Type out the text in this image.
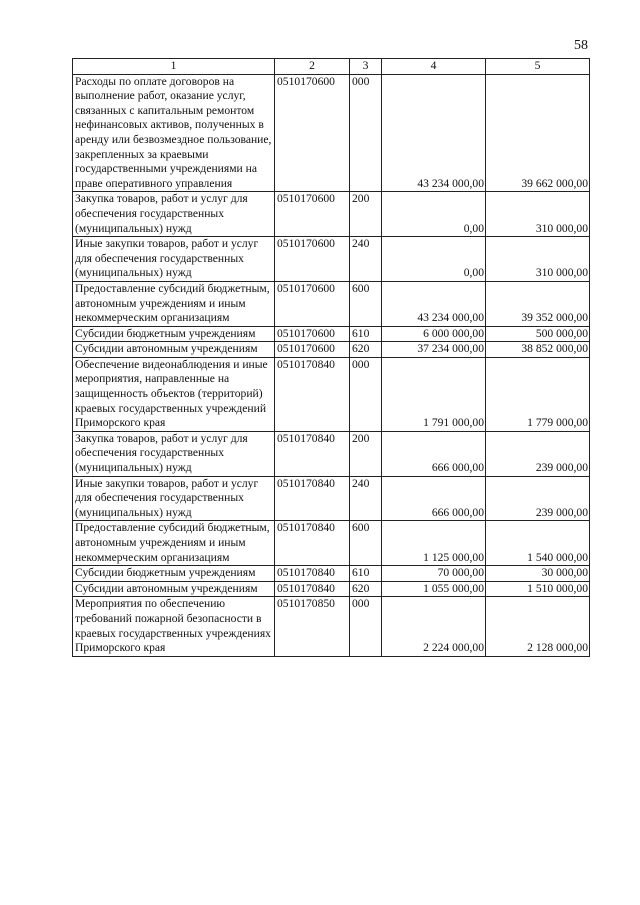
58
1	2	3	4	5
Расходы по оплате договоров на выполнение работ, оказание услуг, связанных с капитальным ремонтом нефинансовых активов, полученных в аренду или безвозмездное пользование, закрепленных за краевыми государственными учреждениями на праве оперативного управления	0510170600	000	43 234 000,00	39 662 000,00
Закупка товаров, работ и услуг для обеспечения государственных (муниципальных) нужд	0510170600	200	0,00	310 000,00
Иные закупки товаров, работ и услуг для обеспечения государственных (муниципальных) нужд	0510170600	240	0,00	310 000,00
Предоставление субсидий бюджетным, автономным учреждениям и иным некоммерческим организациям	0510170600	600	43 234 000,00	39 352 000,00
Субсидии бюджетным учреждениям	0510170600	610	6 000 000,00	500 000,00
Субсидии автономным учреждениям	0510170600	620	37 234 000,00	38 852 000,00
Обеспечение видеонаблюдения и иные мероприятия, направленные на защищенность объектов (территорий) краевых государственных учреждений Приморского края	0510170840	000	1 791 000,00	1 779 000,00
Закупка товаров, работ и услуг для обеспечения государственных (муниципальных) нужд	0510170840	200	666 000,00	239 000,00
Иные закупки товаров, работ и услуг для обеспечения государственных (муниципальных) нужд	0510170840	240	666 000,00	239 000,00
Предоставление субсидий бюджетным, автономным учреждениям и иным некоммерческим организациям	0510170840	600	1 125 000,00	1 540 000,00
Субсидии бюджетным учреждениям	0510170840	610	70 000,00	30 000,00
Субсидии автономным учреждениям	0510170840	620	1 055 000,00	1 510 000,00
Мероприятия по обеспечению требований пожарной безопасности в краевых государственных учреждениях Приморского края	0510170850	000	2 224 000,00	2 128 000,00
